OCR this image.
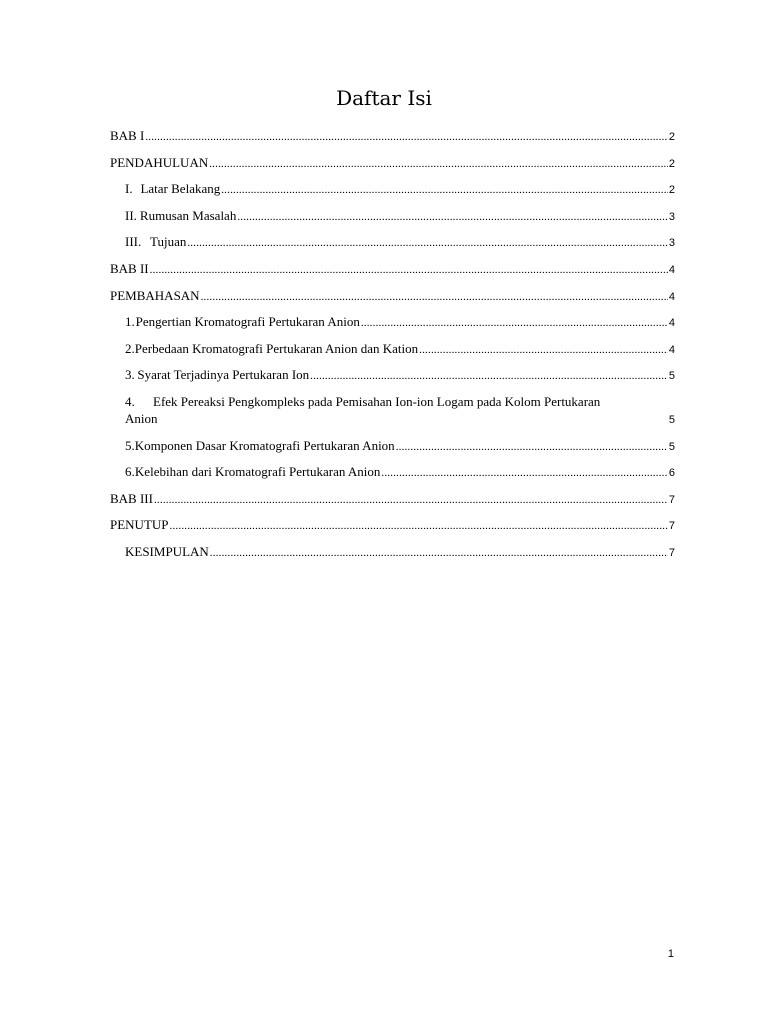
Daftar Isi
BAB I .....	2
PENDAHULUAN .....	2
I. Latar Belakang .....	2
II. Rumusan Masalah .....	3
III. Tujuan .....	3
BAB II .....	4
PEMBAHASAN .....	4
1. Pengertian Kromatografi Pertukaran Anion .....	4
2. Perbedaan Kromatografi Pertukaran Anion dan Kation .....	4
3. Syarat Terjadinya Pertukaran Ion .....	5
4. Efek Pereaksi Pengkompleks pada Pemisahan Ion-ion Logam pada Kolom Pertukaran
Anion	5
5. Komponen Dasar Kromatografi Pertukaran Anion .....	5
6. Kelebihan dari Kromatografi Pertukaran Anion .....	6
BAB III .....	7
PENUTUP .....	7
KESIMPULAN .....	7
1
